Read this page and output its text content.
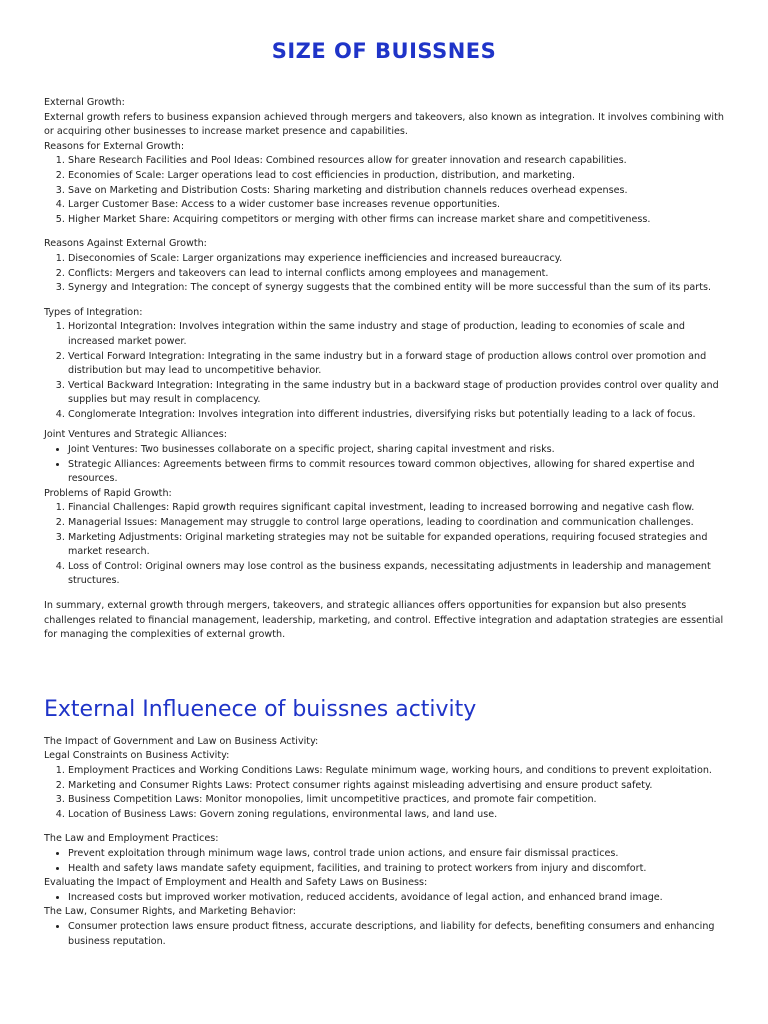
SIZE OF BUISSNES

External Growth:

External growth refers to business expansion achieved through mergers and takeovers, also known as integration. It involves combining with or acquiring other businesses to increase market presence and capabilities.

Reasons for External Growth:

1. Share Research Facilities and Pool Ideas: Combined resources allow for greater innovation and research capabilities.
2. Economies of Scale: Larger operations lead to cost efficiencies in production, distribution, and marketing.
3. Save on Marketing and Distribution Costs: Sharing marketing and distribution channels reduces overhead expenses.
4. Larger Customer Base: Access to a wider customer base increases revenue opportunities.
5. Higher Market Share: Acquiring competitors or merging with other firms can increase market share and competitiveness.

Reasons Against External Growth:

1. Diseconomies of Scale: Larger organizations may experience inefficiencies and increased bureaucracy.
2. Conflicts: Mergers and takeovers can lead to internal conflicts among employees and management.
3. Synergy and Integration: The concept of synergy suggests that the combined entity will be more successful than the sum of its parts.

Types of Integration:

1. Horizontal Integration: Involves integration within the same industry and stage of production, leading to economies of scale and increased market power.
2. Vertical Forward Integration: Integrating in the same industry but in a forward stage of production allows control over promotion and distribution but may lead to uncompetitive behavior.
3. Vertical Backward Integration: Integrating in the same industry but in a backward stage of production provides control over quality and supplies but may result in complacency.
4. Conglomerate Integration: Involves integration into different industries, diversifying risks but potentially leading to a lack of focus.

Joint Ventures and Strategic Alliances:

• Joint Ventures: Two businesses collaborate on a specific project, sharing capital investment and risks.
• Strategic Alliances: Agreements between firms to commit resources toward common objectives, allowing for shared expertise and resources.

Problems of Rapid Growth:

1. Financial Challenges: Rapid growth requires significant capital investment, leading to increased borrowing and negative cash flow.
2. Managerial Issues: Management may struggle to control large operations, leading to coordination and communication challenges.
3. Marketing Adjustments: Original marketing strategies may not be suitable for expanded operations, requiring focused strategies and market research.
4. Loss of Control: Original owners may lose control as the business expands, necessitating adjustments in leadership and management structures.

In summary, external growth through mergers, takeovers, and strategic alliances offers opportunities for expansion but also presents challenges related to financial management, leadership, marketing, and control. Effective integration and adaptation strategies are essential for managing the complexities of external growth.

External Influenece of buissnes activity

The Impact of Government and Law on Business Activity:

Legal Constraints on Business Activity:

1. Employment Practices and Working Conditions Laws: Regulate minimum wage, working hours, and conditions to prevent exploitation.
2. Marketing and Consumer Rights Laws: Protect consumer rights against misleading advertising and ensure product safety.
3. Business Competition Laws: Monitor monopolies, limit uncompetitive practices, and promote fair competition.
4. Location of Business Laws: Govern zoning regulations, environmental laws, and land use.

The Law and Employment Practices:

• Prevent exploitation through minimum wage laws, control trade union actions, and ensure fair dismissal practices.
• Health and safety laws mandate safety equipment, facilities, and training to protect workers from injury and discomfort.

Evaluating the Impact of Employment and Health and Safety Laws on Business:

• Increased costs but improved worker motivation, reduced accidents, avoidance of legal action, and enhanced brand image.

The Law, Consumer Rights, and Marketing Behavior:

• Consumer protection laws ensure product fitness, accurate descriptions, and liability for defects, benefiting consumers and enhancing business reputation.
